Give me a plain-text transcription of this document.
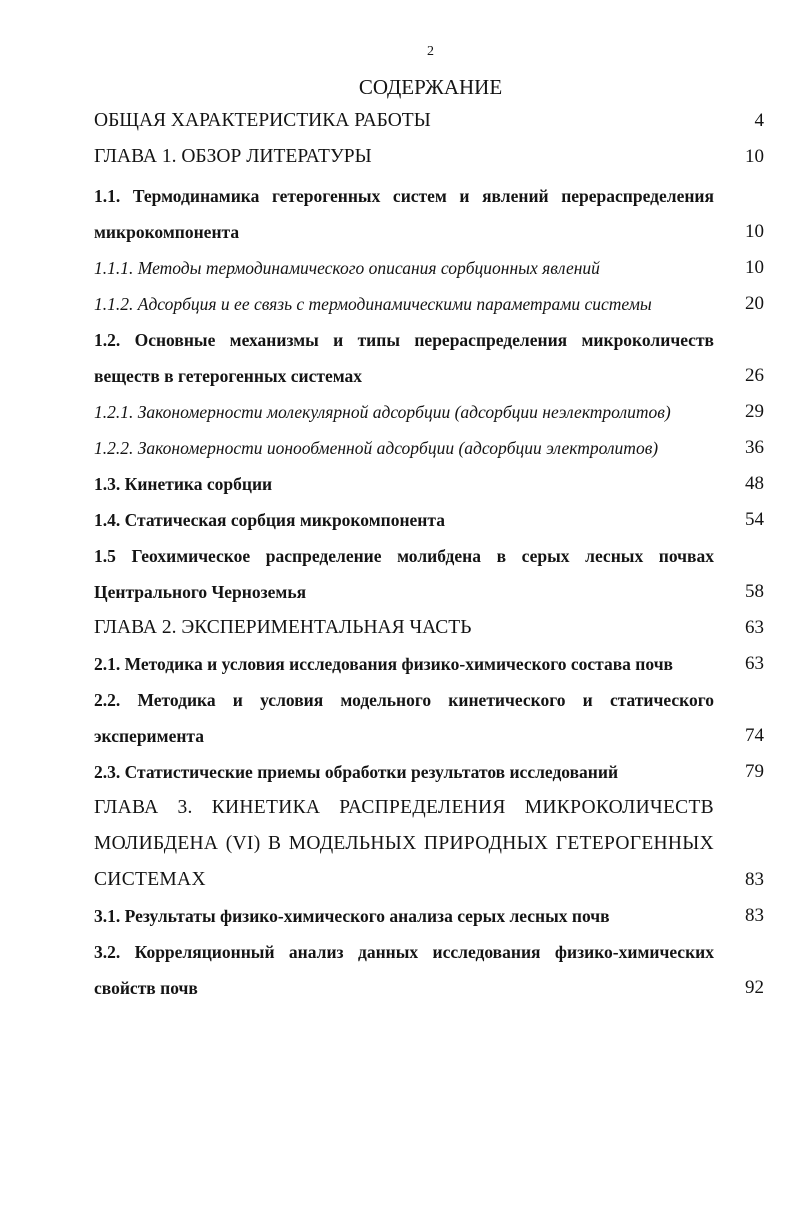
2
СОДЕРЖАНИЕ
ОБЩАЯ ХАРАКТЕРИСТИКА РАБОТЫ	4
ГЛАВА 1. ОБЗОР ЛИТЕРАТУРЫ	10
1.1. Термодинамика гетерогенных систем и явлений перераспределения микрокомпонента	10
1.1.1. Методы термодинамического описания сорбционных явлений	10
1.1.2. Адсорбция и ее связь с термодинамическими параметрами системы	20
1.2. Основные механизмы и типы перераспределения микроколичеств веществ в гетерогенных системах	26
1.2.1. Закономерности молекулярной адсорбции (адсорбции неэлектролитов)	29
1.2.2. Закономерности ионообменной адсорбции (адсорбции электролитов)	36
1.3. Кинетика сорбции	48
1.4. Статическая сорбция микрокомпонента	54
1.5 Геохимическое распределение молибдена в серых лесных почвах Центрального Черноземья	58
ГЛАВА 2. ЭКСПЕРИМЕНТАЛЬНАЯ ЧАСТЬ	63
2.1. Методика и условия исследования физико-химического состава почв	63
2.2. Методика и условия модельного кинетического и статического эксперимента	74
2.3. Статистические приемы обработки результатов исследований	79
ГЛАВА 3. КИНЕТИКА РАСПРЕДЕЛЕНИЯ МИКРОКОЛИЧЕСТВ МОЛИБДЕНА (VI) В МОДЕЛЬНЫХ ПРИРОДНЫХ ГЕТЕРОГЕННЫХ СИСТЕМАХ	83
3.1. Результаты физико-химического анализа серых лесных почв	83
3.2. Корреляционный анализ данных исследования физико-химических свойств почв	92
